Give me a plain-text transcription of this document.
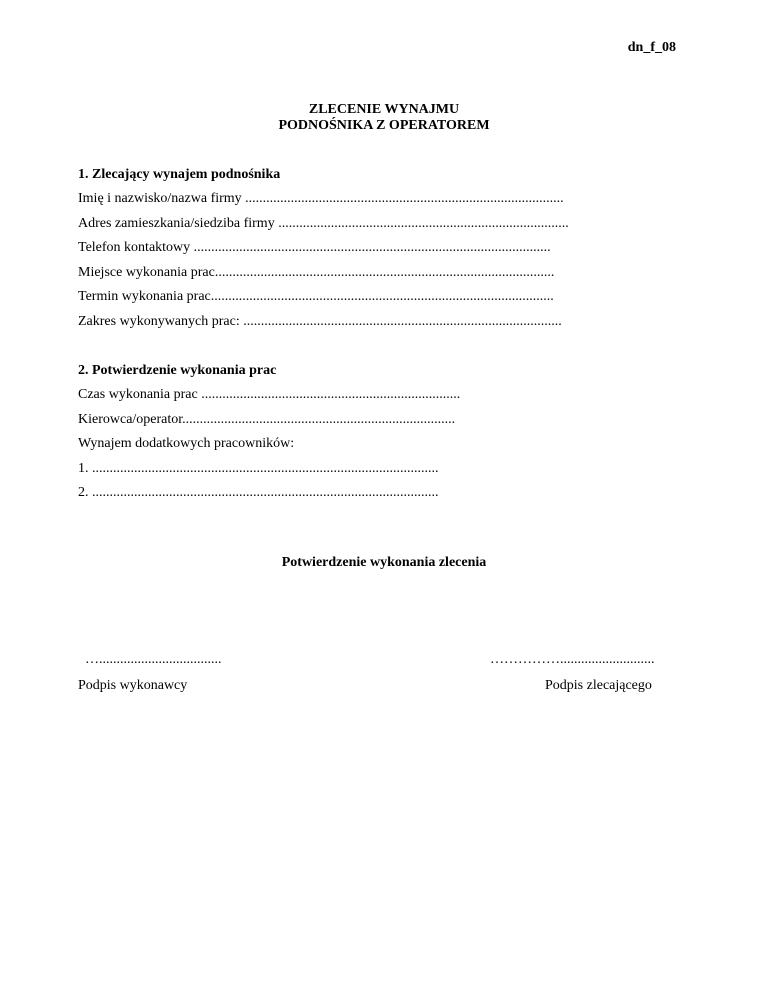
dn_f_08
ZLECENIE WYNAJMU
PODNOŚNIKA Z OPERATOREM
1. Zlecający wynajem podnośnika
Imię i nazwisko/nazwa firmy ...........................................................................................
Adres zamieszkania/siedziba firmy ...................................................................................
Telefon kontaktowy ......................................................................................................
Miejsce wykonania prac.................................................................................................
Termin wykonania prac..................................................................................................
Zakres wykonywanych prac: ...........................................................................................
2. Potwierdzenie wykonania prac
Czas wykonania prac ..........................................................................
Kierowca/operator..............................................................................
Wynajem dodatkowych pracowników:
1. ...................................................................................................
2. ...................................................................................................
Potwierdzenie wykonania zlecenia
…...................................	……………...........................
Podpis wykonawcy	Podpis zlecającego
